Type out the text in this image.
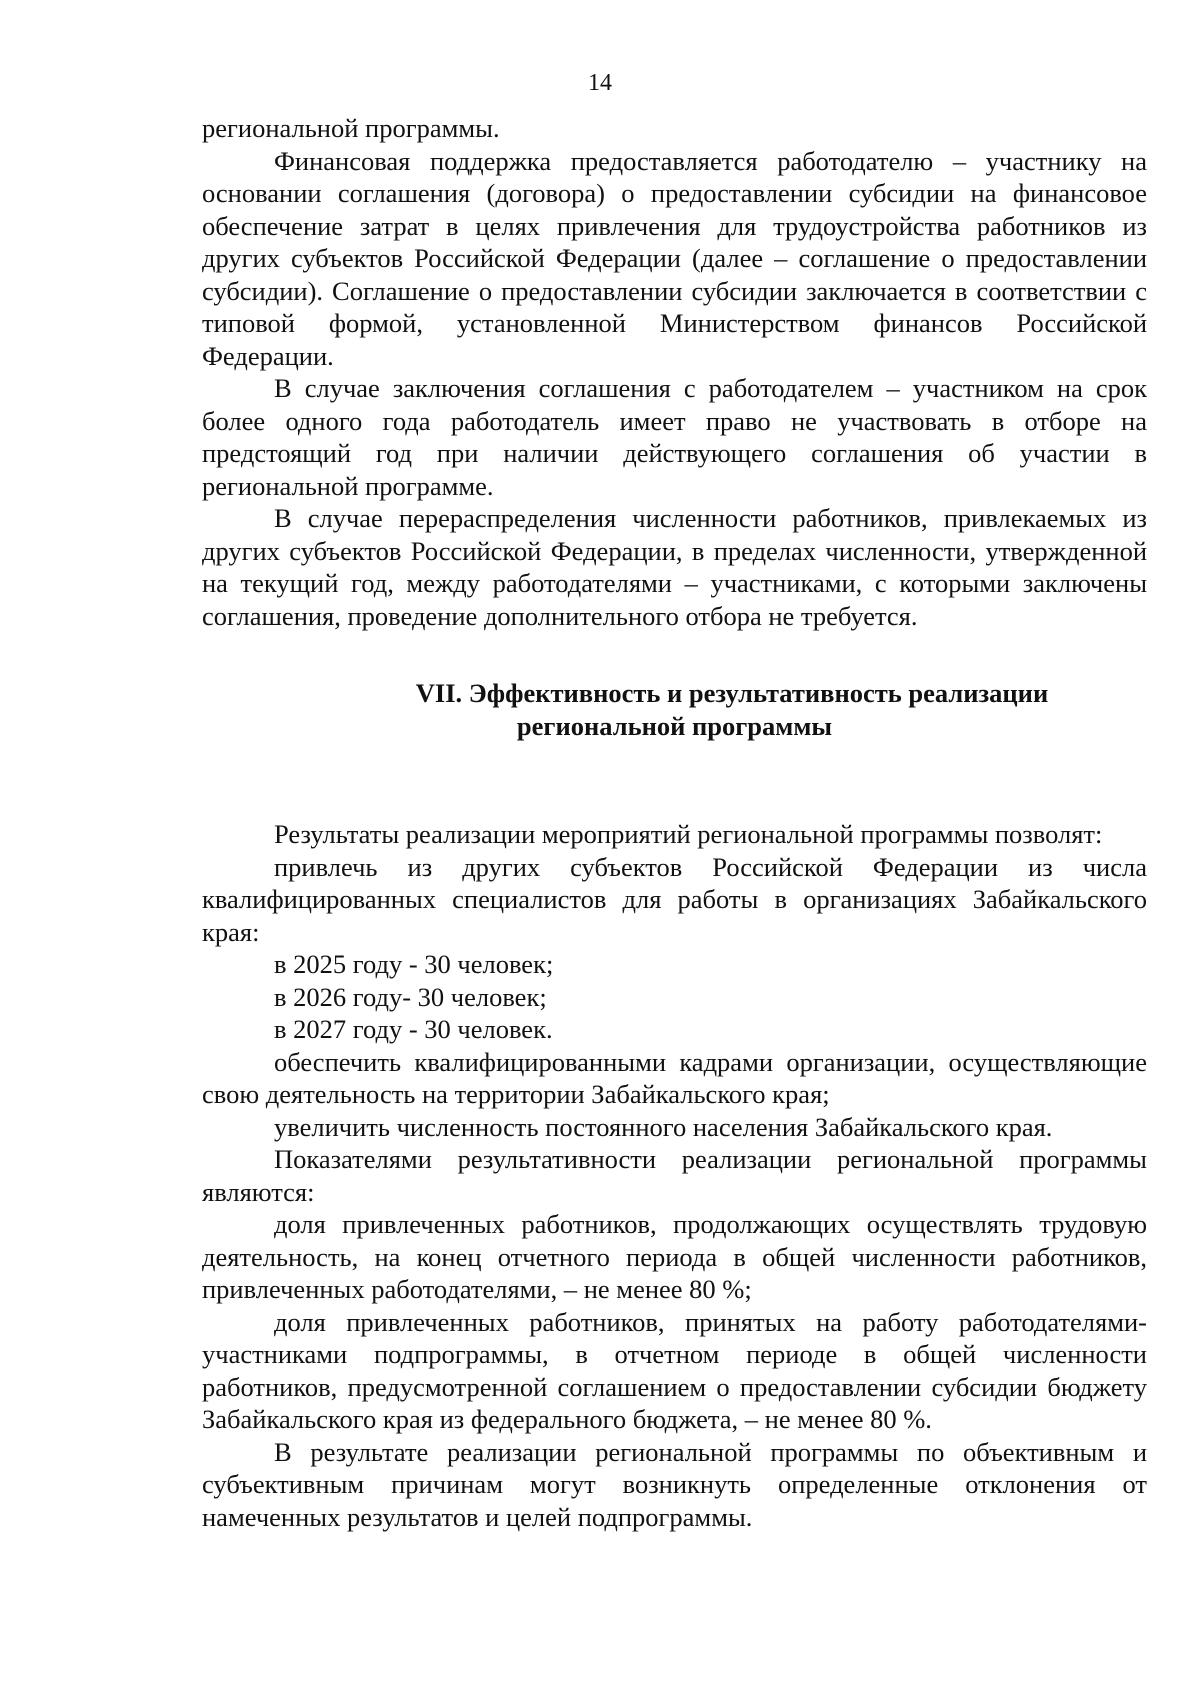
14

региональной программы.

Финансовая поддержка предоставляется работодателю – участнику на основании соглашения (договора) о предоставлении субсидии на финансовое обеспечение затрат в целях привлечения для трудоустройства работников из других субъектов Российской Федерации (далее – соглашение о предоставлении субсидии). Соглашение о предоставлении субсидии заключается в соответствии с типовой формой, установленной Министерством финансов Российской Федерации.

В случае заключения соглашения с работодателем – участником на срок более одного года работодатель имеет право не участвовать в отборе на предстоящий год при наличии действующего соглашения об участии в региональной программе.

В случае перераспределения численности работников, привлекаемых из других субъектов Российской Федерации, в пределах численности, утвержденной на текущий год, между работодателями – участниками, с которыми заключены соглашения, проведение дополнительного отбора не требуется.

VII. Эффективность и результативность реализации
региональной программы

Результаты реализации мероприятий региональной программы позволят:

привлечь из других субъектов Российской Федерации из числа квалифицированных специалистов для работы в организациях Забайкальского края:

в 2025 году - 30 человек;

в 2026 году- 30 человек;

в 2027 году - 30 человек.

обеспечить квалифицированными кадрами организации, осуществляющие свою деятельность на территории Забайкальского края;

увеличить численность постоянного населения Забайкальского края.

Показателями результативности реализации региональной программы являются:

доля привлеченных работников, продолжающих осуществлять трудовую деятельность, на конец отчетного периода в общей численности работников, привлеченных работодателями, – не менее 80 %;

доля привлеченных работников, принятых на работу работодателями-участниками подпрограммы, в отчетном периоде в общей численности работников, предусмотренной соглашением о предоставлении субсидии бюджету Забайкальского края из федерального бюджета, – не менее 80 %.

В результате реализации региональной программы по объективным и субъективным причинам могут возникнуть определенные отклонения от намеченных результатов и целей подпрограммы.
